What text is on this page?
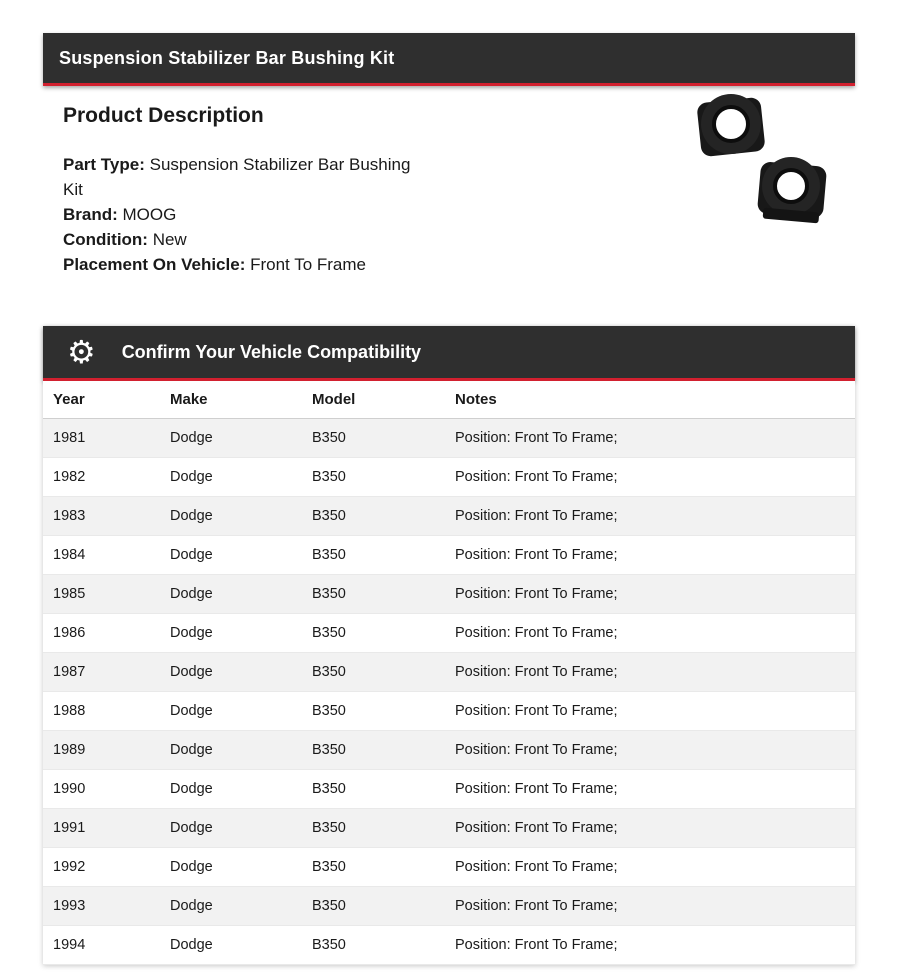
Suspension Stabilizer Bar Bushing Kit
Product Description

Part Type: Suspension Stabilizer Bar Bushing Kit

Brand: MOOG

Condition: New

Placement On Vehicle: Front To Frame

⚙ Confirm Your Vehicle Compatibility
Year	Make	Model	Notes
1981	Dodge	B350	Position: Front To Frame;
1982	Dodge	B350	Position: Front To Frame;
1983	Dodge	B350	Position: Front To Frame;
1984	Dodge	B350	Position: Front To Frame;
1985	Dodge	B350	Position: Front To Frame;
1986	Dodge	B350	Position: Front To Frame;
1987	Dodge	B350	Position: Front To Frame;
1988	Dodge	B350	Position: Front To Frame;
1989	Dodge	B350	Position: Front To Frame;
1990	Dodge	B350	Position: Front To Frame;
1991	Dodge	B350	Position: Front To Frame;
1992	Dodge	B350	Position: Front To Frame;
1993	Dodge	B350	Position: Front To Frame;
1994	Dodge	B350	Position: Front To Frame;
